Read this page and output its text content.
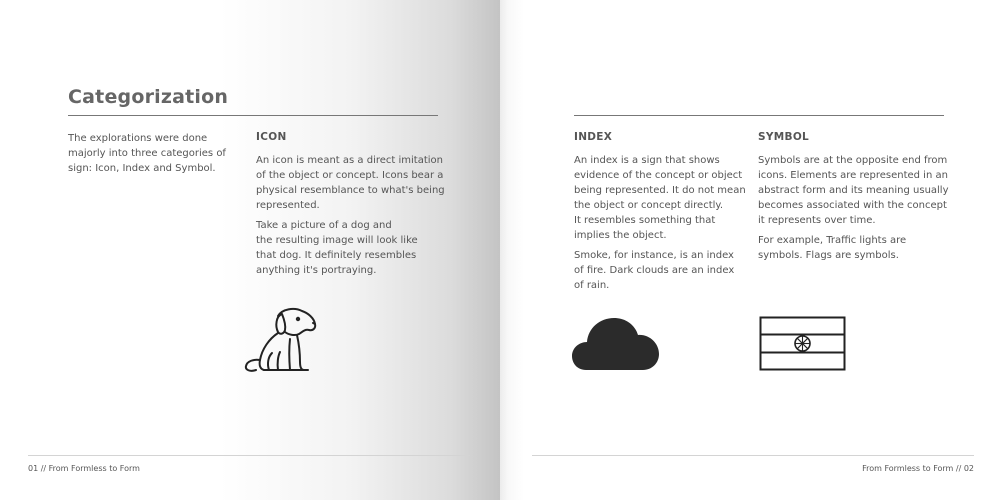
Categorization

The explorations were done

majorly into three categories of

sign: Icon, Index and Symbol.

ICON

An icon is meant as a direct imitation

of the object or concept. Icons bear a

physical resemblance to what's being

represented.

Take a picture of a dog and

the resulting image will look like

that dog. It definitely resembles

anything it's portraying.

01 // From Formless to Form
INDEX

An index is a sign that shows

evidence of the concept or object

being represented. It do not mean

the object or concept directly.

It resembles something that

implies the object.

Smoke, for instance, is an index

of fire. Dark clouds are an index

of rain.

SYMBOL

Symbols are at the opposite end from

icons. Elements are represented in an

abstract form and its meaning usually

becomes associated with the concept

it represents over time.

For example, Traffic lights are

symbols. Flags are symbols.

From Formless to Form // 02
